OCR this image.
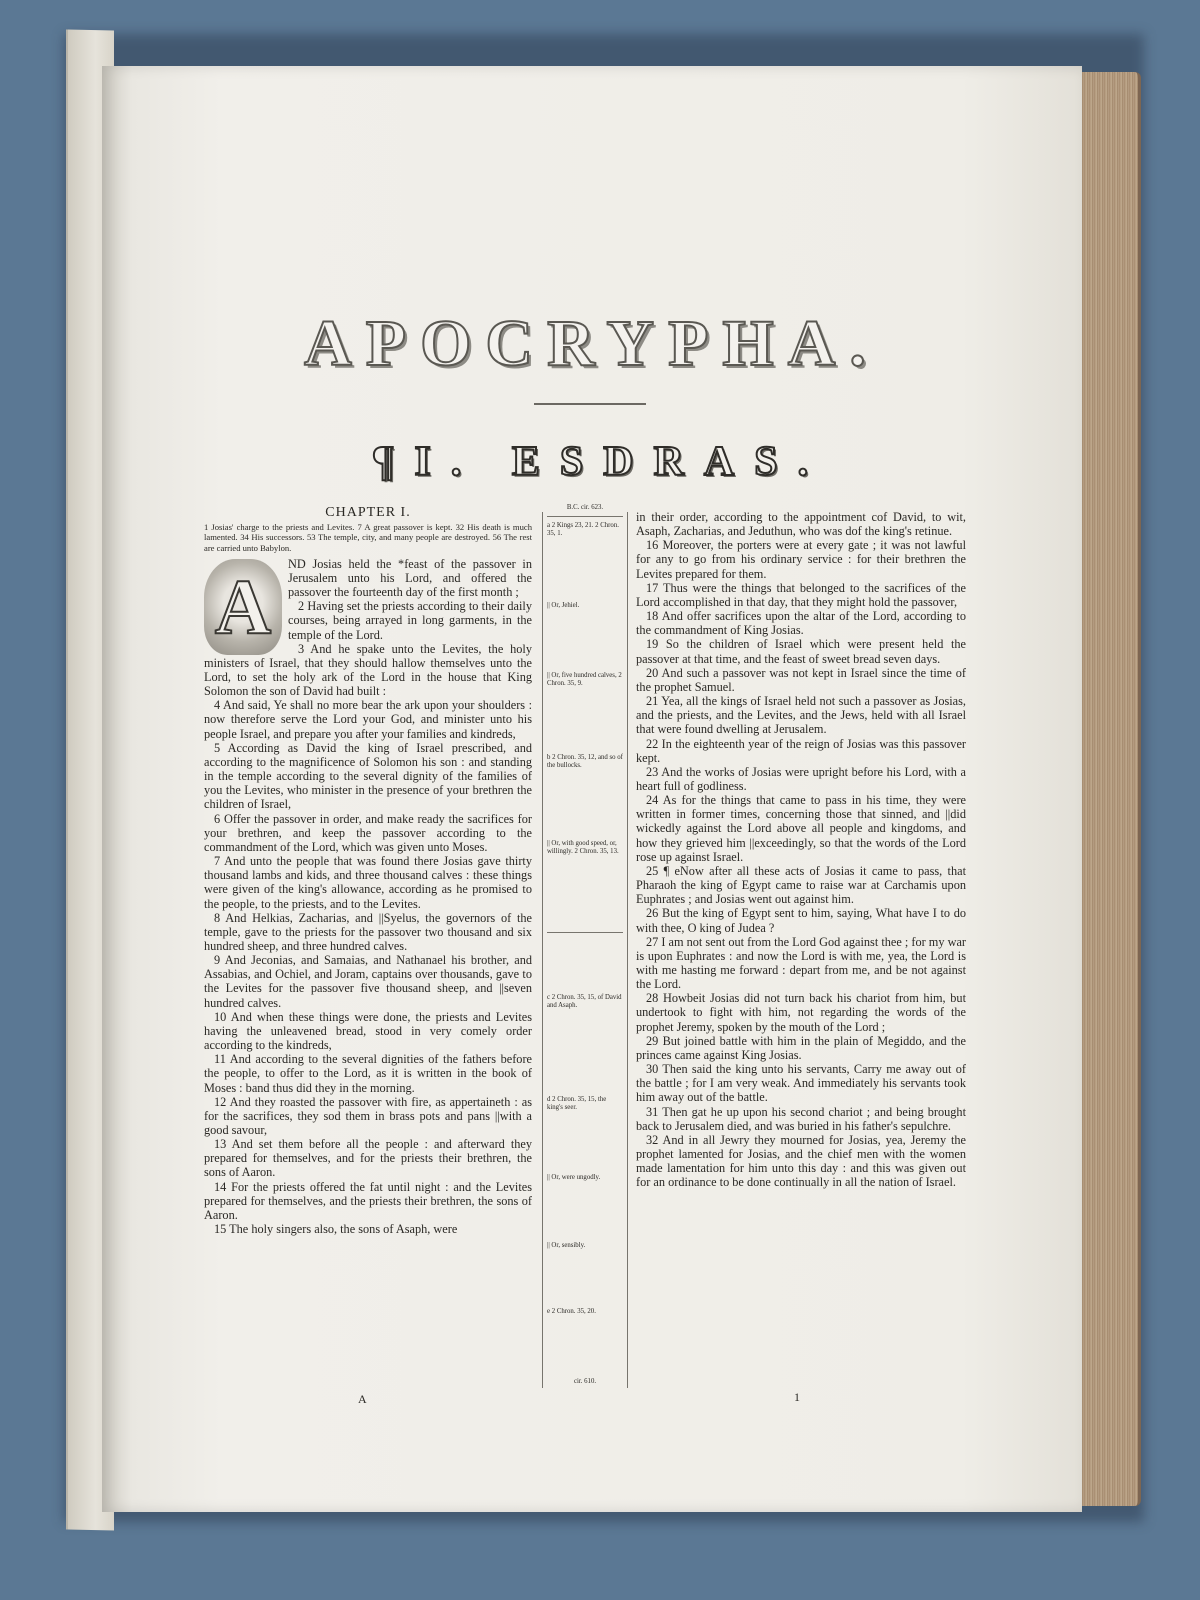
APOCRYPHA.
¶I. ESDRAS.
CHAPTER I.
1 Josias' charge to the priests and Levites. 7 A great passover is kept. 32 His death is much lamented. 34 His successors. 53 The temple, city, and many people are destroyed. 56 The rest are carried unto Babylon.
A	ND Josias held the *feast of the passover in Jerusalem unto his Lord, and offered the passover the fourteenth day of the first month ;

2 Having set the priests according to their daily courses, being arrayed in long garments, in the temple of the Lord.

3 And he spake unto the Levites, the holy ministers of Israel, that they should hallow themselves unto the Lord, to set the holy ark of the Lord in the house that King Solomon the son of David had built :

4 And said, Ye shall no more bear the ark upon your shoulders : now therefore serve the Lord your God, and minister unto his people Israel, and prepare you after your families and kindreds,

5 According as David the king of Israel prescribed, and according to the magnificence of Solomon his son : and standing in the temple according to the several dignity of the families of you the Levites, who minister in the presence of your brethren the children of Israel,

6 Offer the passover in order, and make ready the sacrifices for your brethren, and keep the passover according to the commandment of the Lord, which was given unto Moses.

7 And unto the people that was found there Josias gave thirty thousand lambs and kids, and three thousand calves : these things were given of the king's allowance, according as he promised to the people, to the priests, and to the Levites.

8 And Helkias, Zacharias, and ||Syelus, the governors of the temple, gave to the priests for the passover two thousand and six hundred sheep, and three hundred calves.

9 And Jeconias, and Samaias, and Nathanael his brother, and Assabias, and Ochiel, and Joram, captains over thousands, gave to the Levites for the passover five thousand sheep, and ||seven hundred calves.

10 And when these things were done, the priests and Levites having the unleavened bread, stood in very comely order according to the kindreds,

11 And according to the several dignities of the fathers before the people, to offer to the Lord, as it is written in the book of Moses : band thus did they in the morning.

12 And they roasted the passover with fire, as appertaineth : as for the sacrifices, they sod them in brass pots and pans ||with a good savour,

13 And set them before all the people : and afterward they prepared for themselves, and for the priests their brethren, the sons of Aaron.

14 For the priests offered the fat until night : and the Levites prepared for themselves, and the priests their brethren, the sons of Aaron.

15 The holy singers also, the sons of Asaph, were

B.C. cir. 623.
a 2 Kings 23, 21. 2 Chron. 35, 1.
|| Or, Jehiel.
|| Or, five hundred calves, 2 Chron. 35, 9.
b 2 Chron. 35, 12, and so of the bullocks.
|| Or, with good speed, or, willingly. 2 Chron. 35, 13.
c 2 Chron. 35, 15, of David and Asaph.
d 2 Chron. 35, 15, the king's seer.
|| Or, were ungodly.
|| Or, sensibly.
e 2 Chron. 35, 20.
cir. 610.

in their order, according to the appointment cof David, to wit, Asaph, Zacharias, and Jeduthun, who was dof the king's retinue.

16 Moreover, the porters were at every gate ; it was not lawful for any to go from his ordinary service : for their brethren the Levites prepared for them.

17 Thus were the things that belonged to the sacrifices of the Lord accomplished in that day, that they might hold the passover,

18 And offer sacrifices upon the altar of the Lord, according to the commandment of King Josias.

19 So the children of Israel which were present held the passover at that time, and the feast of sweet bread seven days.

20 And such a passover was not kept in Israel since the time of the prophet Samuel.

21 Yea, all the kings of Israel held not such a passover as Josias, and the priests, and the Levites, and the Jews, held with all Israel that were found dwelling at Jerusalem.

22 In the eighteenth year of the reign of Josias was this passover kept.

23 And the works of Josias were upright before his Lord, with a heart full of godliness.

24 As for the things that came to pass in his time, they were written in former times, concerning those that sinned, and ||did wickedly against the Lord above all people and kingdoms, and how they grieved him ||exceedingly, so that the words of the Lord rose up against Israel.

25 ¶ eNow after all these acts of Josias it came to pass, that Pharaoh the king of Egypt came to raise war at Carchamis upon Euphrates ; and Josias went out against him.

26 But the king of Egypt sent to him, saying, What have I to do with thee, O king of Judea ?

27 I am not sent out from the Lord God against thee ; for my war is upon Euphrates : and now the Lord is with me, yea, the Lord is with me hasting me forward : depart from me, and be not against the Lord.

28 Howbeit Josias did not turn back his chariot from him, but undertook to fight with him, not regarding the words of the prophet Jeremy, spoken by the mouth of the Lord ;

29 But joined battle with him in the plain of Megiddo, and the princes came against King Josias.

30 Then said the king unto his servants, Carry me away out of the battle ; for I am very weak. And immediately his servants took him away out of the battle.

31 Then gat he up upon his second chariot ; and being brought back to Jerusalem died, and was buried in his father's sepulchre.

32 And in all Jewry they mourned for Josias, yea, Jeremy the prophet lamented for Josias, and the chief men with the women made lamentation for him unto this day : and this was given out for an ordinance to be done continually in all the nation of Israel.

A	1
